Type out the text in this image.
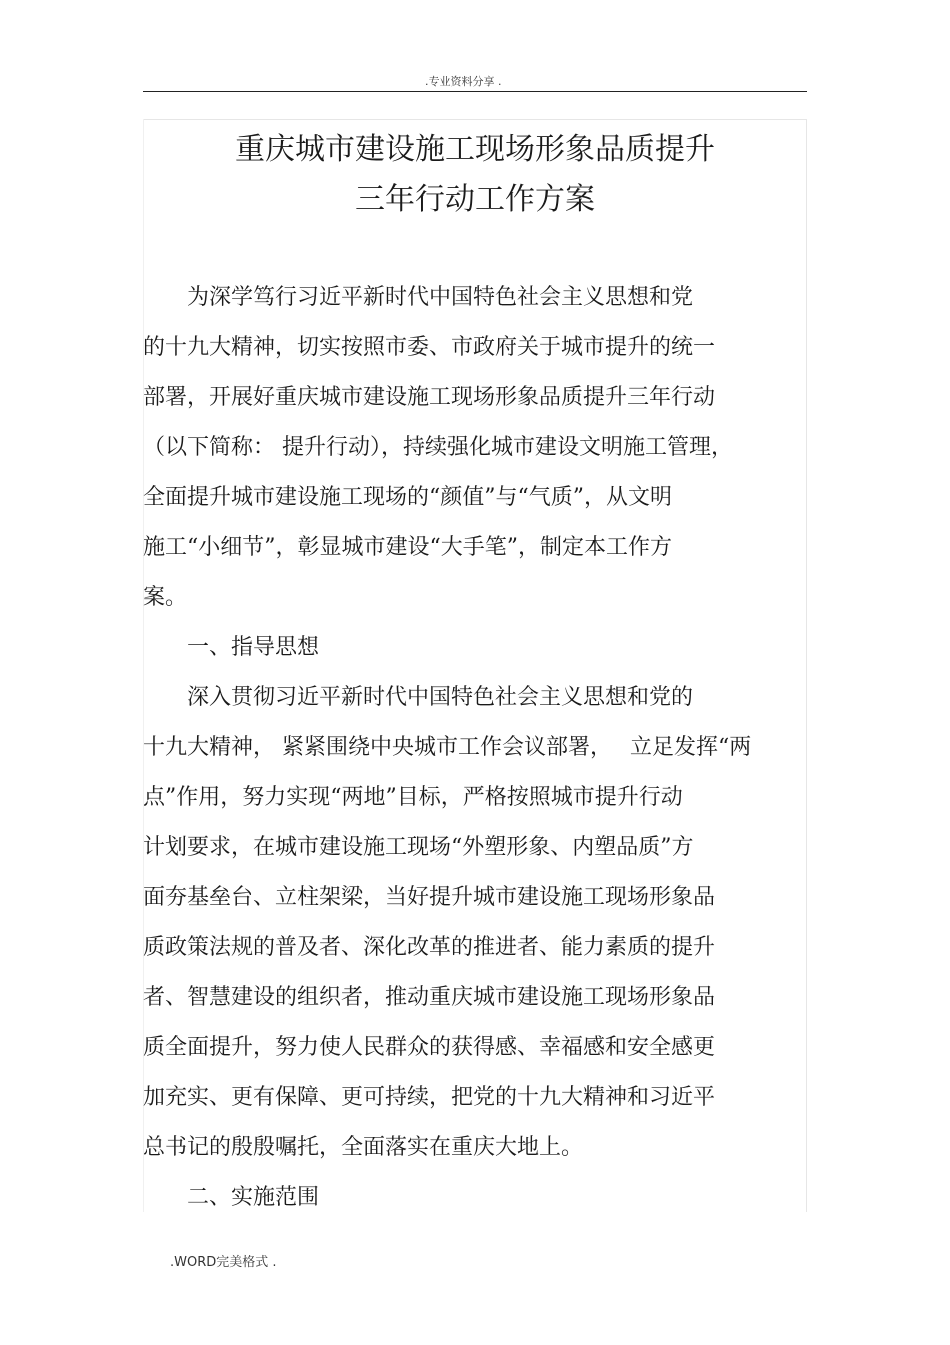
.专业资料分享 .
重庆城市建设施工现场形象品质提升
三年行动工作方案
　　为深学笃行习近平新时代中国特色社会主义思想和党
的十九大精神，切实按照市委、市政府关于城市提升的统一
部署，开展好重庆城市建设施工现场形象品质提升三年行动
（以下简称： 提升行动），持续强化城市建设文明施工管理，
全面提升城市建设施工现场的“颜值”与“气质”，从文明
施工“小细节”，彰显城市建设“大手笔”，制定本工作方
案。
　　一、指导思想
　　深入贯彻习近平新时代中国特色社会主义思想和党的
十九大精神， 紧紧围绕中央城市工作会议部署，　 立足发挥“两
点”作用，努力实现“两地”目标，严格按照城市提升行动
计划要求，在城市建设施工现场“外塑形象、内塑品质”方
面夯基垒台、立柱架梁，当好提升城市建设施工现场形象品
质政策法规的普及者、深化改革的推进者、能力素质的提升
者、智慧建设的组织者，推动重庆城市建设施工现场形象品
质全面提升，努力使人民群众的获得感、幸福感和安全感更
加充实、更有保障、更可持续，把党的十九大精神和习近平
总书记的殷殷嘱托，全面落实在重庆大地上。
　　二、实施范围
.WORD完美格式 .
